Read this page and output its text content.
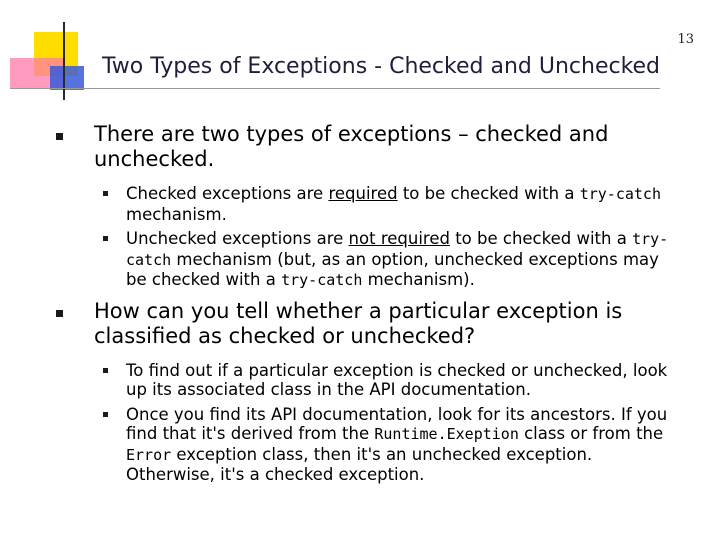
13
Two Types of Exceptions - Checked and Unchecked
There are two types of exceptions – checked and unchecked.
Checked exceptions are required to be checked with a try-catch mechanism.
Unchecked exceptions are not required to be checked with a try-catch mechanism (but, as an option, unchecked exceptions may be checked with a try-catch mechanism).
How can you tell whether a particular exception is classified as checked or unchecked?
To find out if a particular exception is checked or unchecked, look up its associated class in the API documentation.
Once you find its API documentation, look for its ancestors. If you find that it's derived from the Runtime.Exeption class or from the Error exception class, then it's an unchecked exception. Otherwise, it's a checked exception.
